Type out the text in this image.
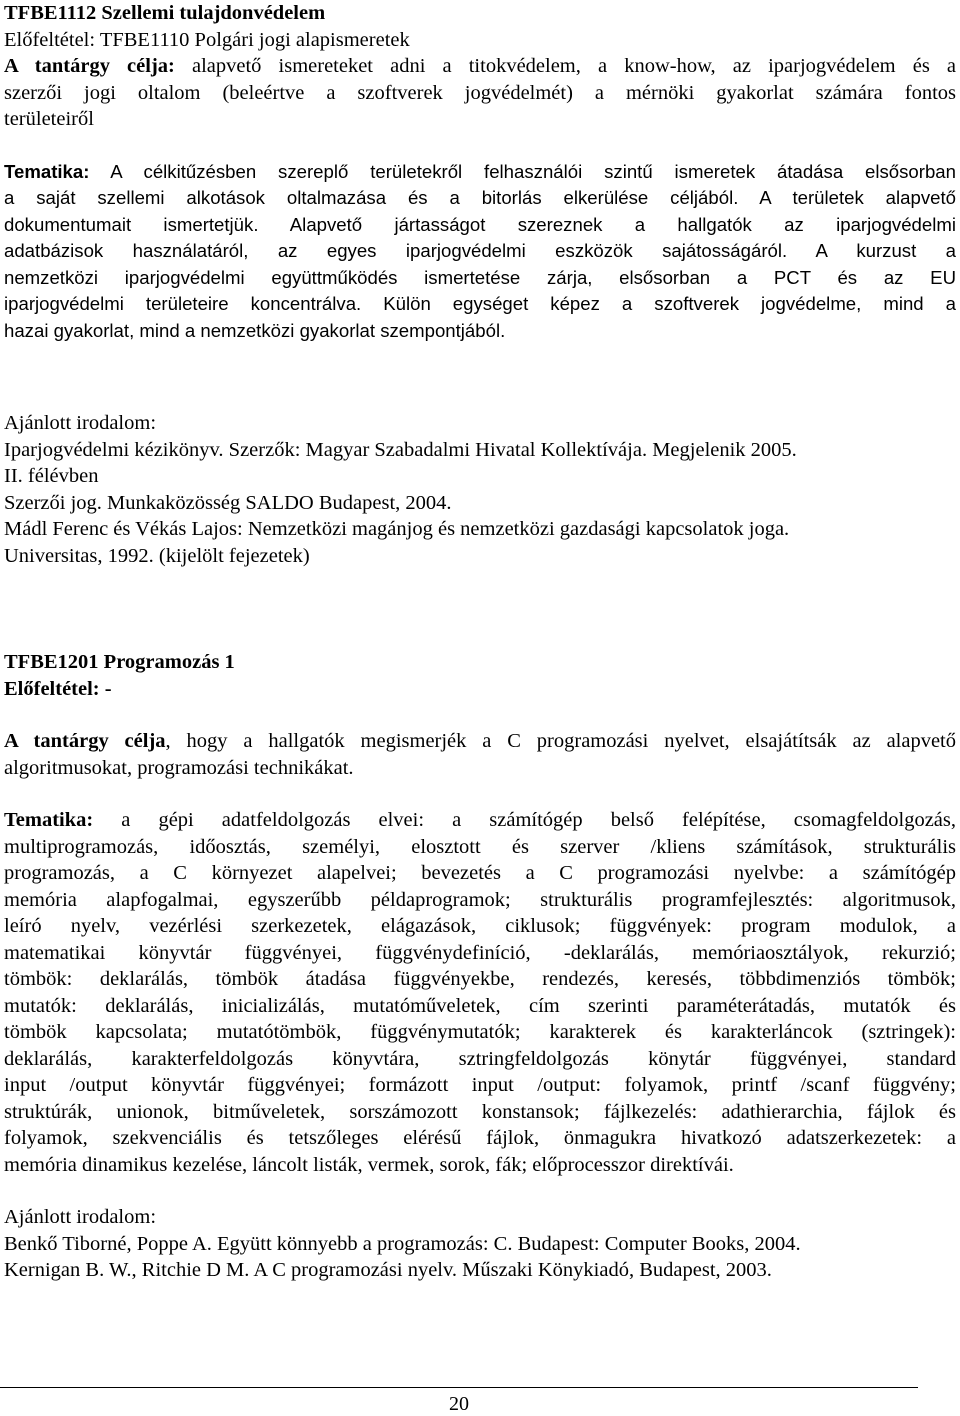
TFBE1112 Szellemi tulajdonvédelem
Előfeltétel: TFBE1110 Polgári jogi alapismeretek
A tantárgy célja: alapvető ismereteket adni a titokvédelem, a know-how, az iparjogvédelem és a
szerzői jogi oltalom (beleértve a szoftverek jogvédelmét) a mérnöki gyakorlat számára fontos
területeiről
Tematika: A célkitűzésben szereplő területekről felhasználói szintű ismeretek átadása elsősorban
a saját szellemi alkotások oltalmazása és a bitorlás elkerülése céljából. A területek alapvető
dokumentumait ismertetjük. Alapvető jártasságot szereznek a hallgatók az iparjogvédelmi
adatbázisok használatáról, az egyes iparjogvédelmi eszközök sajátosságáról. A kurzust a
nemzetközi iparjogvédelmi együttműködés ismertetése zárja, elsősorban a PCT és az EU
iparjogvédelmi területeire koncentrálva. Külön egységet képez a szoftverek jogvédelme, mind a
hazai gyakorlat, mind a nemzetközi gyakorlat szempontjából.
Ajánlott irodalom:
Iparjogvédelmi kézikönyv. Szerzők: Magyar Szabadalmi Hivatal Kollektívája. Megjelenik 2005.
II. félévben
Szerzői jog. Munkaközösség SALDO Budapest, 2004.
Mádl Ferenc és Vékás Lajos: Nemzetközi magánjog és nemzetközi gazdasági kapcsolatok joga.
Universitas, 1992. (kijelölt fejezetek)
TFBE1201 Programozás 1
Előfeltétel: -
A tantárgy célja, hogy a hallgatók megismerjék a C programozási nyelvet, elsajátítsák az alapvető
algoritmusokat, programozási technikákat.
Tematika: a gépi adatfeldolgozás elvei: a számítógép belső felépítése, csomagfeldolgozás,
multiprogramozás, időosztás, személyi, elosztott és szerver /kliens számítások, strukturális
programozás, a C környezet alapelvei; bevezetés a C programozási nyelvbe: a számítógép
memória alapfogalmai, egyszerűbb példaprogramok; strukturális programfejlesztés: algoritmusok,
leíró nyelv, vezérlési szerkezetek, elágazások, ciklusok; függvények: program modulok, a
matematikai könyvtár függvényei, függvénydefiníció, -deklarálás, memóriaosztályok, rekurzió;
tömbök: deklarálás, tömbök átadása függvényekbe, rendezés, keresés, többdimenziós tömbök;
mutatók: deklarálás, inicializálás, mutatóműveletek, cím szerinti paraméterátadás, mutatók és
tömbök kapcsolata; mutatótömbök, függvénymutatók; karakterek és karakterláncok (sztringek):
deklarálás, karakterfeldolgozás könyvtára, sztringfeldolgozás könytár függvényei, standard
input /output könyvtár függvényei; formázott input /output: folyamok, printf /scanf függvény;
struktúrák, unionok, bitműveletek, sorszámozott konstansok; fájlkezelés: adathierarchia, fájlok és
folyamok, szekvenciális és tetszőleges elérésű fájlok, önmagukra hivatkozó adatszerkezetek: a
memória dinamikus kezelése, láncolt listák, vermek, sorok, fák; előprocesszor direktívái.
Ajánlott irodalom:
Benkő Tiborné, Poppe A. Együtt könnyebb a programozás: C. Budapest: Computer Books, 2004.
Kernigan B. W., Ritchie D M. A C programozási nyelv. Műszaki Könykiadó, Budapest, 2003.
20
